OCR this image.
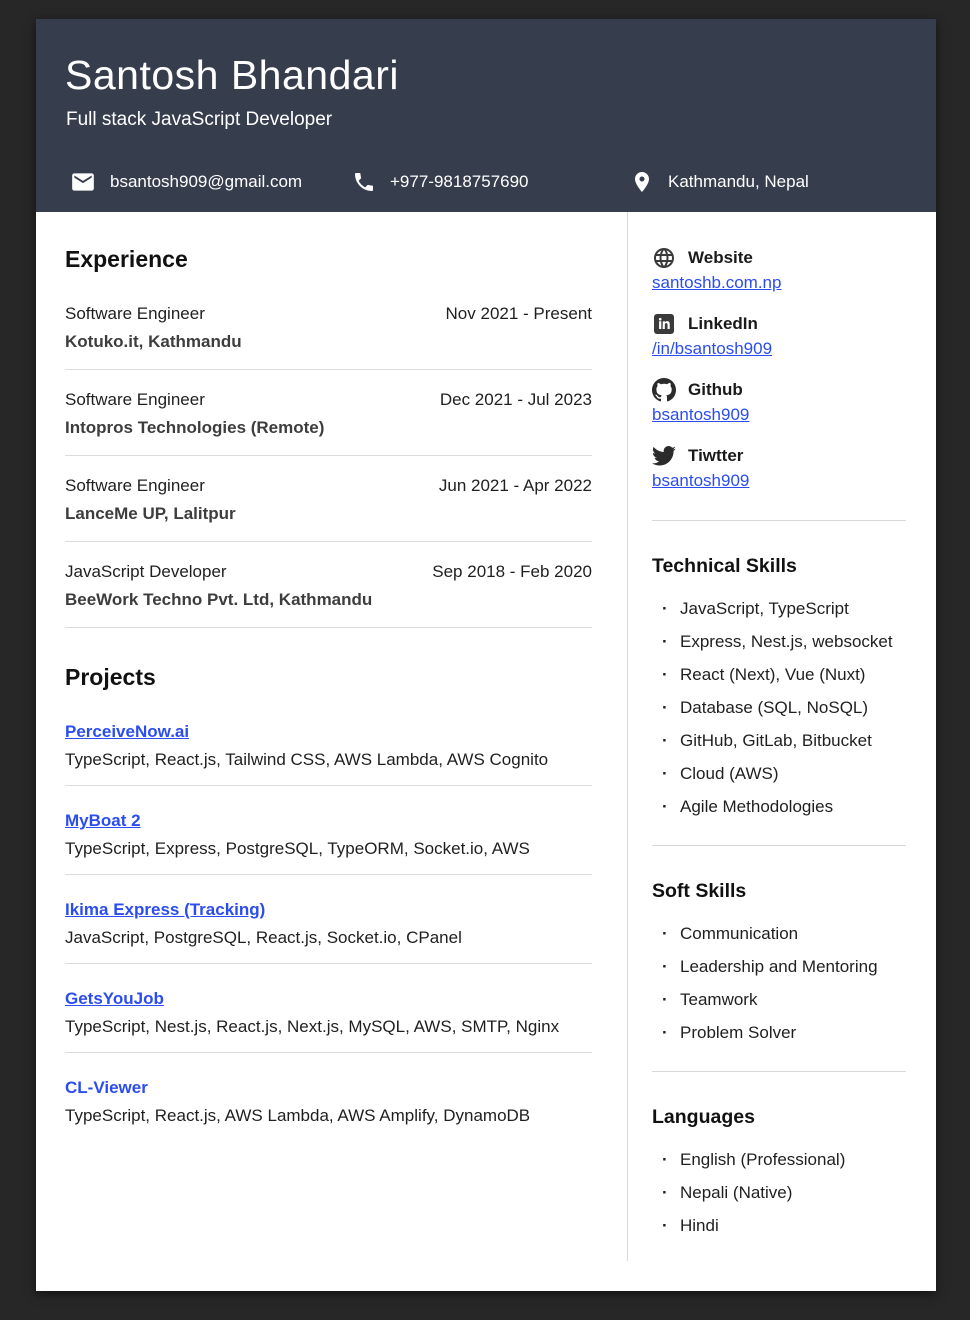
Santosh Bhandari
Full stack JavaScript Developer
bsantosh909@gmail.com	+977-9818757690	Kathmandu, Nepal
Experience
Software Engineer	Nov 2021 - Present
Kotuko.it, Kathmandu
Software Engineer	Dec 2021 - Jul 2023
Intopros Technologies (Remote)
Software Engineer	Jun 2021 - Apr 2022
LanceMe UP, Lalitpur
JavaScript Developer	Sep 2018 - Feb 2020
BeeWork Techno Pvt. Ltd, Kathmandu
Projects
PerceiveNow.ai
TypeScript, React.js, Tailwind CSS, AWS Lambda, AWS Cognito
MyBoat 2
TypeScript, Express, PostgreSQL, TypeORM, Socket.io, AWS
Ikima Express (Tracking)
JavaScript, PostgreSQL, React.js, Socket.io, CPanel
GetsYouJob
TypeScript, Nest.js, React.js, Next.js, MySQL, AWS, SMTP, Nginx
CL-Viewer
TypeScript, React.js, AWS Lambda, AWS Amplify, DynamoDB
Website
santoshb.com.np
LinkedIn
/in/bsantosh909
Github
bsantosh909
Tiwtter
bsantosh909
Technical Skills
· JavaScript, TypeScript
· Express, Nest.js, websocket
· React (Next), Vue (Nuxt)
· Database (SQL, NoSQL)
· GitHub, GitLab, Bitbucket
· Cloud (AWS)
· Agile Methodologies
Soft Skills
· Communication
· Leadership and Mentoring
· Teamwork
· Problem Solver
Languages
· English (Professional)
· Nepali (Native)
· Hindi
